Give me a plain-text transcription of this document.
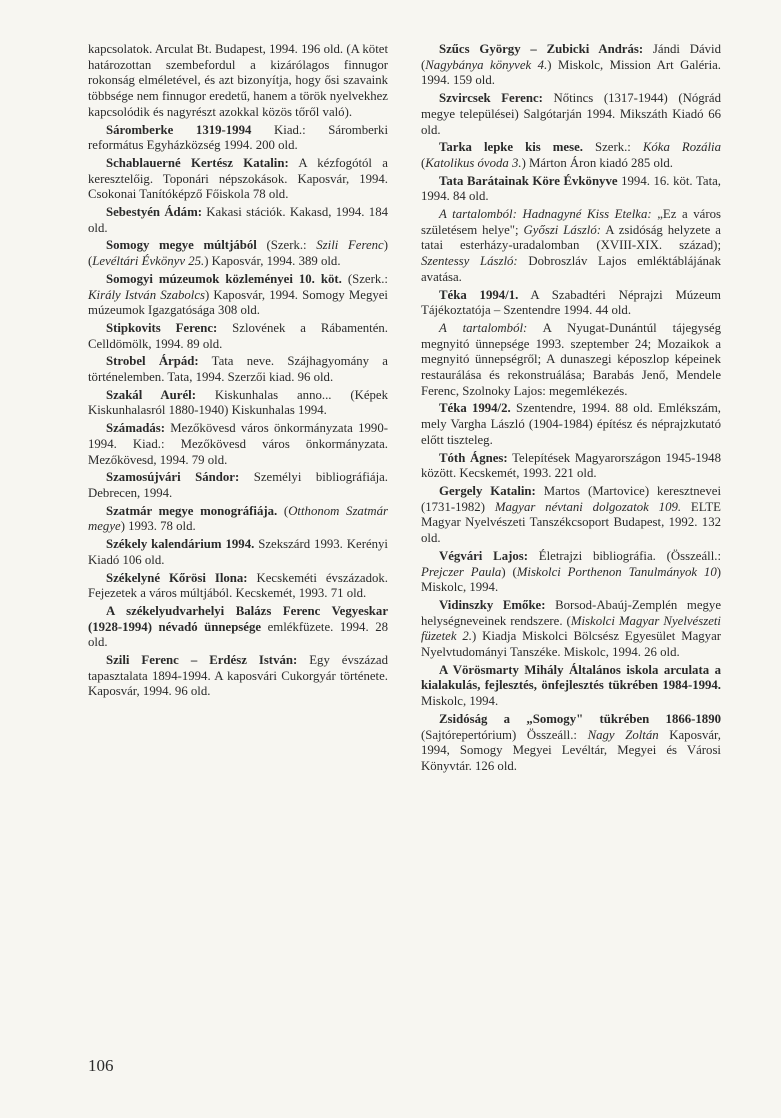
kapcsolatok. Arculat Bt. Budapest, 1994. 196 old. (A kötet határozottan szembefordul a kizárólagos finnugor rokonság elméletével, és azt bizonyítja, hogy ősi szavaink többsége nem finnugor eredetű, hanem a török nyelvekhez kapcsolódik és nagyrészt azokkal közös tőről való).

Sáromberke 1319-1994 Kiad.: Sáromberki református Egyházközség 1994. 200 old.

Schablauerné Kertész Katalin: A kézfogótól a keresztelőig. Toponári népszokások. Kaposvár, 1994. Csokonai Tanítóképző Főiskola 78 old.

Sebestyén Ádám: Kakasi stációk. Kakasd, 1994. 184 old.

Somogy megye múltjából (Szerk.: Szili Ferenc) (Levéltári Évkönyv 25.) Kaposvár, 1994. 389 old.

Somogyi múzeumok közleményei 10. köt. (Szerk.: Király István Szabolcs) Kaposvár, 1994. Somogy Megyei múzeumok Igazgatósága 308 old.

Stipkovits Ferenc: Szlovének a Rábamentén. Celldömölk, 1994. 89 old.

Strobel Árpád: Tata neve. Szájhagyomány a történelemben. Tata, 1994. Szerzői kiad. 96 old.

Szakál Aurél: Kiskunhalas anno... (Képek Kiskunhalasról 1880-1940) Kiskunhalas 1994.

Számadás: Mezőkövesd város önkormányzata 1990-1994. Kiad.: Mezőkövesd város önkormányzata. Mezőkövesd, 1994. 79 old.

Szamosújvári Sándor: Személyi bibliográfiája. Debrecen, 1994.

Szatmár megye monográfiája. (Otthonom Szatmár megye) 1993. 78 old.

Székely kalendárium 1994. Szekszárd 1993. Kerényi Kiadó 106 old.

Székelyné Kőrösi Ilona: Kecskeméti évszázadok. Fejezetek a város múltjából. Kecskemét, 1993. 71 old.

A székelyudvarhelyi Balázs Ferenc Vegyeskar (1928-1994) névadó ünnepsége emlékfüzete. 1994. 28 old.

Szili Ferenc – Erdész István: Egy évszázad tapasztalata 1894-1994. A kaposvári Cukorgyár története. Kaposvár, 1994. 96 old.

Szűcs György – Zubicki András: Jándi Dávid (Nagybánya könyvek 4.) Miskolc, Mission Art Galéria. 1994. 159 old.

Szvircsek Ferenc: Nőtincs (1317-1944) (Nógrád megye települései) Salgótarján 1994. Mikszáth Kiadó 66 old.

Tarka lepke kis mese. Szerk.: Kóka Rozália (Katolikus óvoda 3.) Márton Áron kiadó 285 old.

Tata Barátainak Köre Évkönyve 1994. 16. köt. Tata, 1994. 84 old.

A tartalomból: Hadnagyné Kiss Etelka: „Ez a város születésem helye"; Győszi László: A zsidóság helyzete a tatai esterházy-uradalomban (XVIII-XIX. század); Szentessy László: Dobroszláv Lajos emléktáblájának avatása.

Téka 1994/1. A Szabadtéri Néprajzi Múzeum Tájékoztatója – Szentendre 1994. 44 old.

A tartalomból: A Nyugat-Dunántúl tájegység megnyitó ünnepsége 1993. szeptember 24; Mozaikok a megnyitó ünnepségről; A dunaszegi képoszlop képeinek restaurálása és rekonstruálása; Barabás Jenő, Mendele Ferenc, Szolnoky Lajos: megemlékezés.

Téka 1994/2. Szentendre, 1994. 88 old. Emlékszám, mely Vargha László (1904-1984) építész és néprajzkutató előtt tiszteleg.

Tóth Ágnes: Telepítések Magyarországon 1945-1948 között. Kecskemét, 1993. 221 old.

Gergely Katalin: Martos (Martovice) keresztnevei (1731-1982) Magyar névtani dolgozatok 109. ELTE Magyar Nyelvészeti Tanszékcsoport Budapest, 1992. 132 old.

Végvári Lajos: Életrajzi bibliográfia. (Összeáll.: Prejczer Paula) (Miskolci Porthenon Tanulmányok 10) Miskolc, 1994.

Vidinszky Emőke: Borsod-Abaúj-Zemplén megye helységneveinek rendszere. (Miskolci Magyar Nyelvészeti füzetek 2.) Kiadja Miskolci Bölcsész Egyesület Magyar Nyelvtudományi Tanszéke. Miskolc, 1994. 26 old.

A Vörösmarty Mihály Általános iskola arculata a kialakulás, fejlesztés, önfejlesztés tükrében 1984-1994. Miskolc, 1994.

Zsidóság a „Somogy" tükrében 1866-1890 (Sajtórepertórium) Összeáll.: Nagy Zoltán Kaposvár, 1994, Somogy Megyei Levéltár, Megyei és Városi Könyvtár. 126 old.

106
